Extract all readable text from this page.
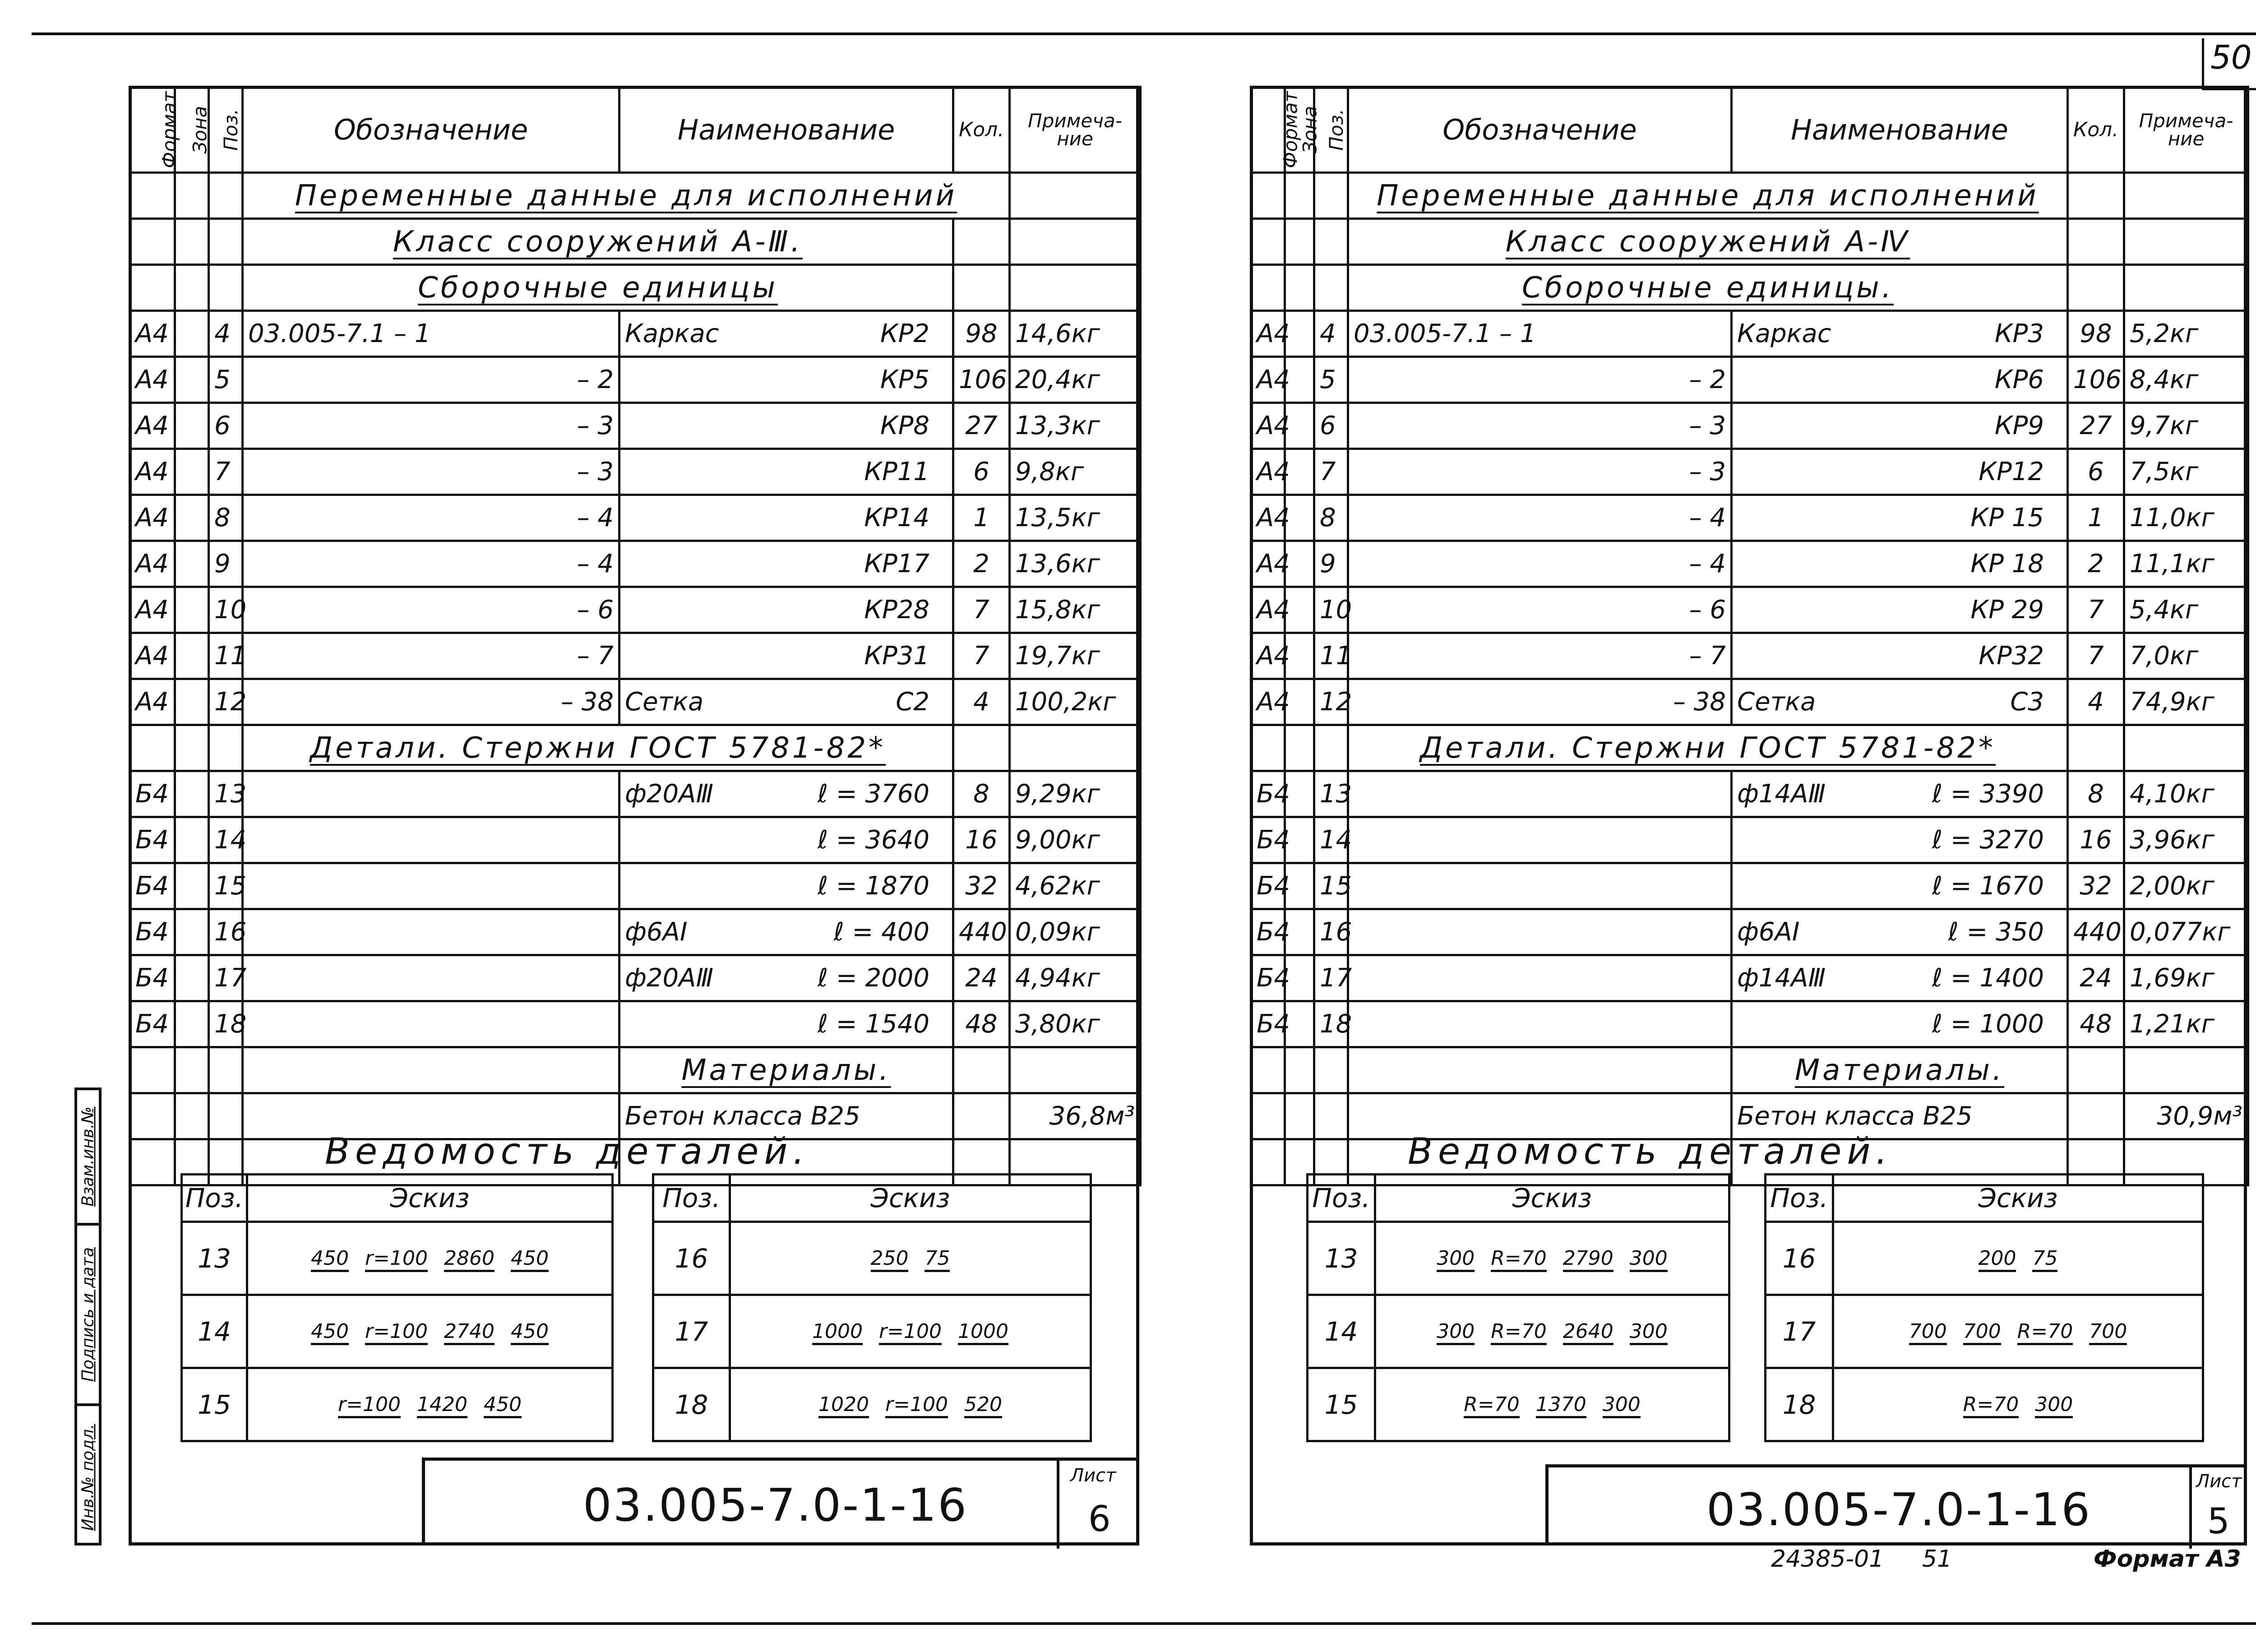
50
Взам.инв.№
Подпись и дата
Инв.№ подл.
Формат	Зона	Поз.	Обозначение	Наименование	Кол.	Примеча- ние
			Переменные данные для исполнений			
			Класс сооружений А-Ⅲ.			
			Сборочные единицы			
А4		4	03.005-7.1 – 1	Каркас КР2	98	14,6кг
А4		5	– 2	КР5	106	20,4кг
А4		6	– 3	КР8	27	13,3кг
А4		7	– 3	КР11	6	9,8кг
А4		8	– 4	КР14	1	13,5кг
А4		9	– 4	КР17	2	13,6кг
А4		10	– 6	КР28	7	15,8кг
А4		11	– 7	КР31	7	19,7кг
А4		12	– 38	Сетка С2	4	100,2кг
			Детали. Стержни ГОСТ 5781-82*			
Б4		13		ф20АⅢ ℓ = 3760	8	9,29кг
Б4		14		ℓ = 3640	16	9,00кг
Б4		15		ℓ = 1870	32	4,62кг
Б4		16		ф6АI ℓ = 400	440	0,09кг
Б4		17		ф20АⅢ ℓ = 2000	24	4,94кг
Б4		18		ℓ = 1540	48	3,80кг
				Материалы.		
				Бетон класса В25		36,8м³

Ведомость деталей.
Поз.	Эскиз
13	450 r=100 2860 450
14	450 r=100 2740 450
15	r=100 1420 450
Поз.	Эскиз
16	250 75
17	1000 r=100 1000
18	1020 r=100 520
03.005-7.0-1-16
Лист
6
Формат	Зона	Поз.	Обозначение	Наименование	Кол.	Примеча- ние
			Переменные данные для исполнений			
			Класс сооружений А-Ⅳ			
			Сборочные единицы.			
А4		4	03.005-7.1 – 1	Каркас КР3	98	5,2кг
А4		5	– 2	КР6	106	8,4кг
А4		6	– 3	КР9	27	9,7кг
А4		7	– 3	КР12	6	7,5кг
А4		8	– 4	КР 15	1	11,0кг
А4		9	– 4	КР 18	2	11,1кг
А4		10	– 6	КР 29	7	5,4кг
А4		11	– 7	КР32	7	7,0кг
А4		12	– 38	Сетка С3	4	74,9кг
			Детали. Стержни ГОСТ 5781-82*			
Б4		13		ф14АⅢ ℓ = 3390	8	4,10кг
Б4		14		ℓ = 3270	16	3,96кг
Б4		15		ℓ = 1670	32	2,00кг
Б4		16		ф6АI ℓ = 350	440	0,077кг
Б4		17		ф14АⅢ ℓ = 1400	24	1,69кг
Б4		18		ℓ = 1000	48	1,21кг
				Материалы.		
				Бетон класса В25		30,9м³

Ведомость деталей.
Поз.	Эскиз
13	300 R=70 2790 300
14	300 R=70 2640 300
15	R=70 1370 300
Поз.	Эскиз
16	200 75
17	700 700 R=70 700
18	R=70 300
03.005-7.0-1-16
Лист
5
24385-01 51	Формат А3
